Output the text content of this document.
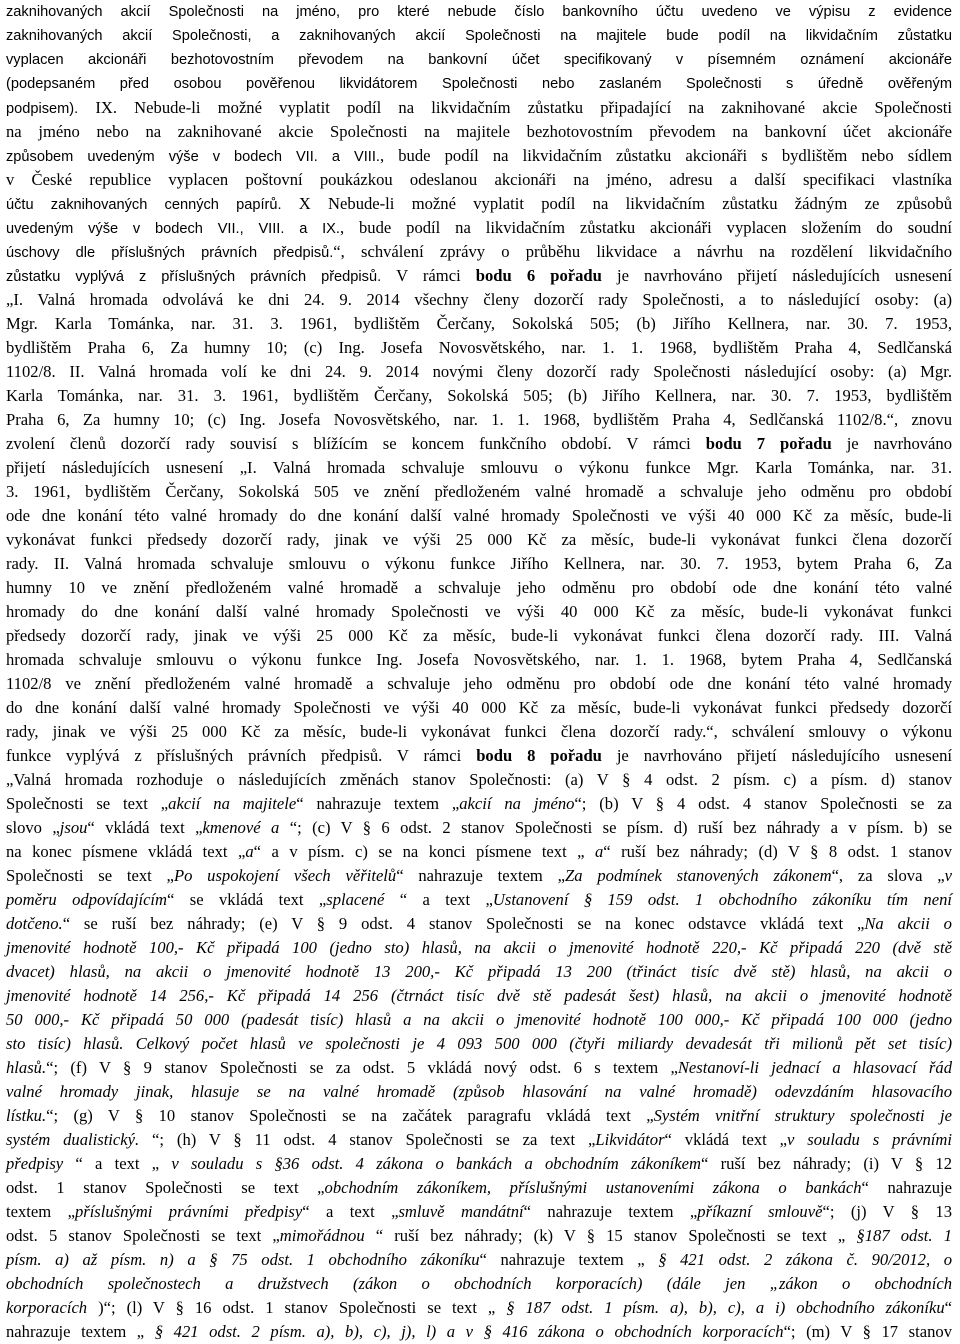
zaknihovaných akcií Společnosti na jméno, pro které nebude číslo bankovního účtu uvedeno ve výpisu z evidence
zaknihovaných akcií Společnosti, a zaknihovaných akcií Společnosti na majitele bude podíl na likvidačním zůstatku
vyplacen akcionáři bezhotovostním převodem na bankovní účet specifikovaný v písemném oznámení akcionáře
(podepsaném před osobou pověřenou likvidátorem Společnosti nebo zaslaném Společnosti s úředně ověřeným
podpisem). IX. Nebude-li možné vyplatit podíl na likvidačním zůstatku připadající na zaknihované akcie Společnosti
na jméno nebo na zaknihované akcie Společnosti na majitele bezhotovostním převodem na bankovní účet akcionáře
způsobem uvedeným výše v bodech VII. a VIII., bude podíl na likvidačním zůstatku akcionáři s bydlištěm nebo sídlem
v České republice vyplacen poštovní poukázkou odeslanou akcionáři na jméno, adresu a další specifikaci vlastníka
účtu zaknihovaných cenných papírů. X Nebude-li možné vyplatit podíl na likvidačním zůstatku žádným ze způsobů
uvedeným výše v bodech VII., VIII. a IX., bude podíl na likvidačním zůstatku akcionáři vyplacen složením do soudní
úschovy dle příslušných právních předpisů.“, schválení zprávy o průběhu likvidace a návrhu na rozdělení likvidačního
zůstatku vyplývá z příslušných právních předpisů. V rámci bodu 6 pořadu je navrhováno přijetí následujících usnesení
„I. Valná hromada odvolává ke dni 24. 9. 2014 všechny členy dozorčí rady Společnosti, a to následující osoby: (a)
Mgr. Karla Tománka, nar. 31. 3. 1961, bydlištěm Čerčany, Sokolská 505; (b) Jiřího Kellnera, nar. 30. 7. 1953,
bydlištěm Praha 6, Za humny 10; (c) Ing. Josefa Novosvětského, nar. 1. 1. 1968, bydlištěm Praha 4, Sedlčanská
1102/8. II. Valná hromada volí ke dni 24. 9. 2014 novými členy dozorčí rady Společnosti následující osoby: (a) Mgr.
Karla Tománka, nar. 31. 3. 1961, bydlištěm Čerčany, Sokolská 505; (b) Jiřího Kellnera, nar. 30. 7. 1953, bydlištěm
Praha 6, Za humny 10; (c) Ing. Josefa Novosvětského, nar. 1. 1. 1968, bydlištěm Praha 4, Sedlčanská 1102/8.“, znovu
zvolení členů dozorčí rady souvisí s blížícím se koncem funkčního období. V rámci bodu 7 pořadu je navrhováno
přijetí následujících usnesení „I. Valná hromada schvaluje smlouvu o výkonu funkce Mgr. Karla Tománka, nar. 31.
3. 1961, bydlištěm Čerčany, Sokolská 505 ve znění předloženém valné hromadě a schvaluje jeho odměnu pro období
ode dne konání této valné hromady do dne konání další valné hromady Společnosti ve výši 40 000 Kč za měsíc, bude-li
vykonávat funkci předsedy dozorčí rady, jinak ve výši 25 000 Kč za měsíc, bude-li vykonávat funkci člena dozorčí
rady. II. Valná hromada schvaluje smlouvu o výkonu funkce Jiřího Kellnera, nar. 30. 7. 1953, bytem Praha 6, Za
humny 10 ve znění předloženém valné hromadě a schvaluje jeho odměnu pro období ode dne konání této valné
hromady do dne konání další valné hromady Společnosti ve výši 40 000 Kč za měsíc, bude-li vykonávat funkci
předsedy dozorčí rady, jinak ve výši 25 000 Kč za měsíc, bude-li vykonávat funkci člena dozorčí rady. III. Valná
hromada schvaluje smlouvu o výkonu funkce Ing. Josefa Novosvětského, nar. 1. 1. 1968, bytem Praha 4, Sedlčanská
1102/8 ve znění předloženém valné hromadě a schvaluje jeho odměnu pro období ode dne konání této valné hromady
do dne konání další valné hromady Společnosti ve výši 40 000 Kč za měsíc, bude-li vykonávat funkci předsedy dozorčí
rady, jinak ve výši 25 000 Kč za měsíc, bude-li vykonávat funkci člena dozorčí rady.“, schválení smlouvy o výkonu
funkce vyplývá z příslušných právních předpisů. V rámci bodu 8 pořadu je navrhováno přijetí následujícího usnesení
„Valná hromada rozhoduje o následujících změnách stanov Společnosti: (a) V § 4 odst. 2 písm. c) a písm. d) stanov
Společnosti se text „akcií na majitele“ nahrazuje textem „akcií na jméno“; (b) V § 4 odst. 4 stanov Společnosti se za
slovo „jsou“ vkládá text „kmenové a “; (c) V § 6 odst. 2 stanov Společnosti se písm. d) ruší bez náhrady a v písm. b) se
na konec písmene vkládá text „a“ a v písm. c) se na konci písmene text „ a“ ruší bez náhrady; (d) V § 8 odst. 1 stanov
Společnosti se text „Po uspokojení všech věřitelů“ nahrazuje textem „Za podmínek stanovených zákonem“, za slova „v
poměru odpovídajícím“ se vkládá text „splacené “ a text „Ustanovení § 159 odst. 1 obchodního zákoníku tím není
dotčeno.“ se ruší bez náhrady; (e) V § 9 odst. 4 stanov Společnosti se na konec odstavce vkládá text „Na akcii o
jmenovité hodnotě 100,- Kč připadá 100 (jedno sto) hlasů, na akcii o jmenovité hodnotě 220,- Kč připadá 220 (dvě stě
dvacet) hlasů, na akcii o jmenovité hodnotě 13 200,- Kč připadá 13 200 (třináct tisíc dvě stě) hlasů, na akcii o
jmenovité hodnotě 14 256,- Kč připadá 14 256 (čtrnáct tisíc dvě stě padesát šest) hlasů, na akcii o jmenovité hodnotě
50 000,- Kč připadá 50 000 (padesát tisíc) hlasů a na akcii o jmenovité hodnotě 100 000,- Kč připadá 100 000 (jedno
sto tisíc) hlasů. Celkový počet hlasů ve společnosti je 4 093 500 000 (čtyři miliardy devadesát tři milionů pět set tisíc)
hlasů.“; (f) V § 9 stanov Společnosti se za odst. 5 vkládá nový odst. 6 s textem „Nestanoví-li jednací a hlasovací řád
valné hromady jinak, hlasuje se na valné hromadě (způsob hlasování na valné hromadě) odevzdáním hlasovacího
lístku.“; (g) V § 10 stanov Společnosti se na začátek paragrafu vkládá text „Systém vnitřní struktury společnosti je
systém dualistický. “; (h) V § 11 odst. 4 stanov Společnosti se za text „Likvidátor“ vkládá text „v souladu s právními
předpisy “ a text „ v souladu s §36 odst. 4 zákona o bankách a obchodním zákoníkem“ ruší bez náhrady; (i) V § 12
odst. 1 stanov Společnosti se text „obchodním zákoníkem, příslušnými ustanoveními zákona o bankách“ nahrazuje
textem „příslušnými právními předpisy“ a text „smluvě mandátní“ nahrazuje textem „příkazní smlouvě“; (j) V § 13
odst. 5 stanov Společnosti se text „mimořádnou “ ruší bez náhrady; (k) V § 15 stanov Společnosti se text „ §187 odst. 1
písm. a) až písm. n) a § 75 odst. 1 obchodního zákoníku“ nahrazuje textem „ § 421 odst. 2 zákona č. 90/2012, o
obchodních společnostech a družstvech (zákon o obchodních korporacích) (dále jen „zákon o obchodních
korporacích )“; (l) V § 16 odst. 1 stanov Společnosti se text „ § 187 odst. 1 písm. a), b), c), a i) obchodního zákoníku“
nahrazuje textem „ § 421 odst. 2 písm. a), b), c), j), l) a v § 416 zákona o obchodních korporacích“; (m) V § 17 stanov
